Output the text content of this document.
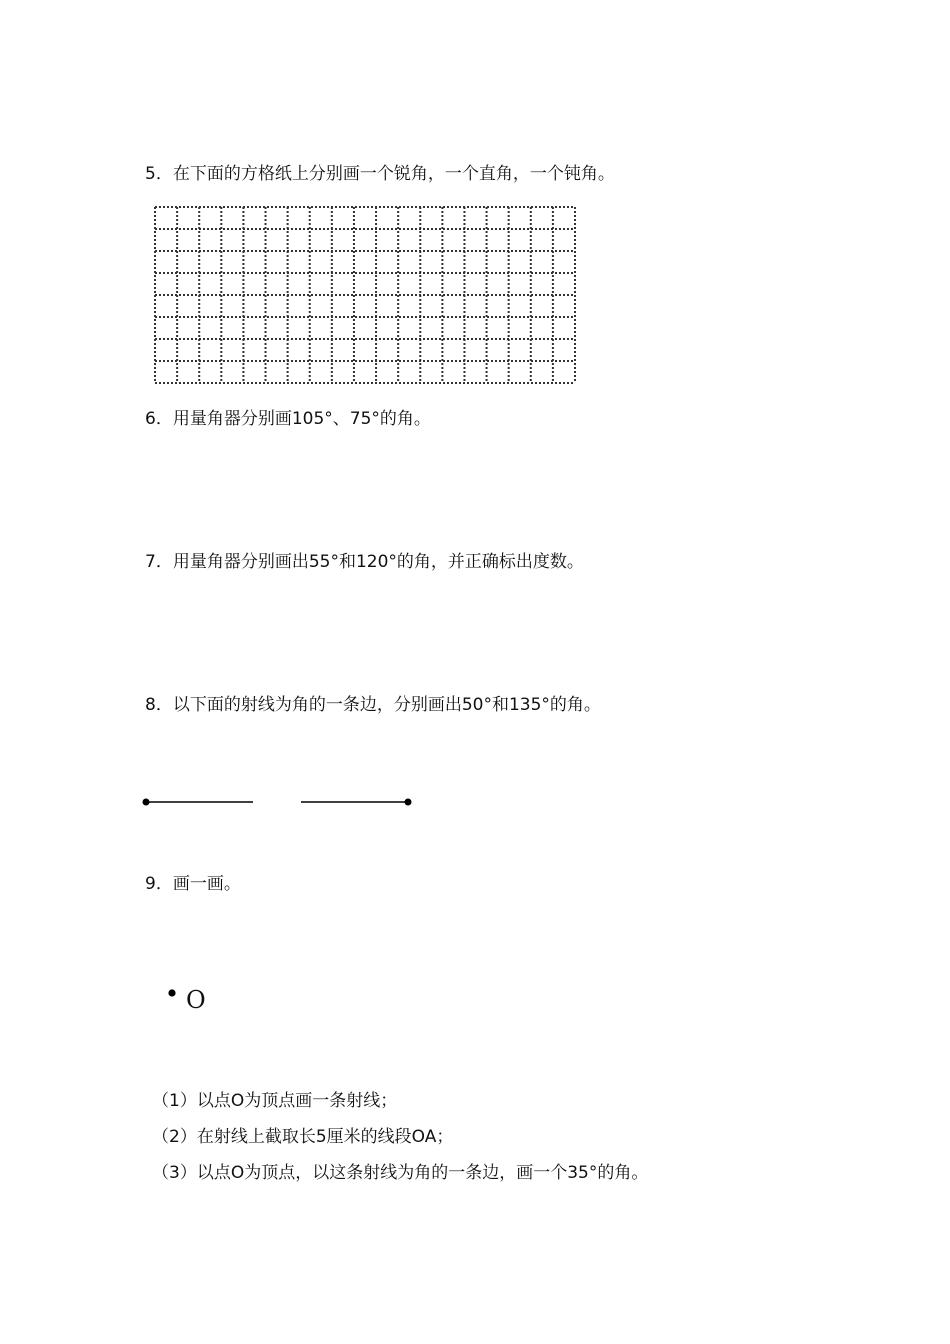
5．在下面的方格纸上分别画一个锐角，一个直角，一个钝角。
6．用量角器分别画105°、75°的角。
7．用量角器分别画出55°和120°的角，并正确标出度数。
8．以下面的射线为角的一条边，分别画出50°和135°的角。
9．画一画。
O
（1）以点O为顶点画一条射线；
（2）在射线上截取长5厘米的线段OA；
（3）以点O为顶点，以这条射线为角的一条边，画一个35°的角。
